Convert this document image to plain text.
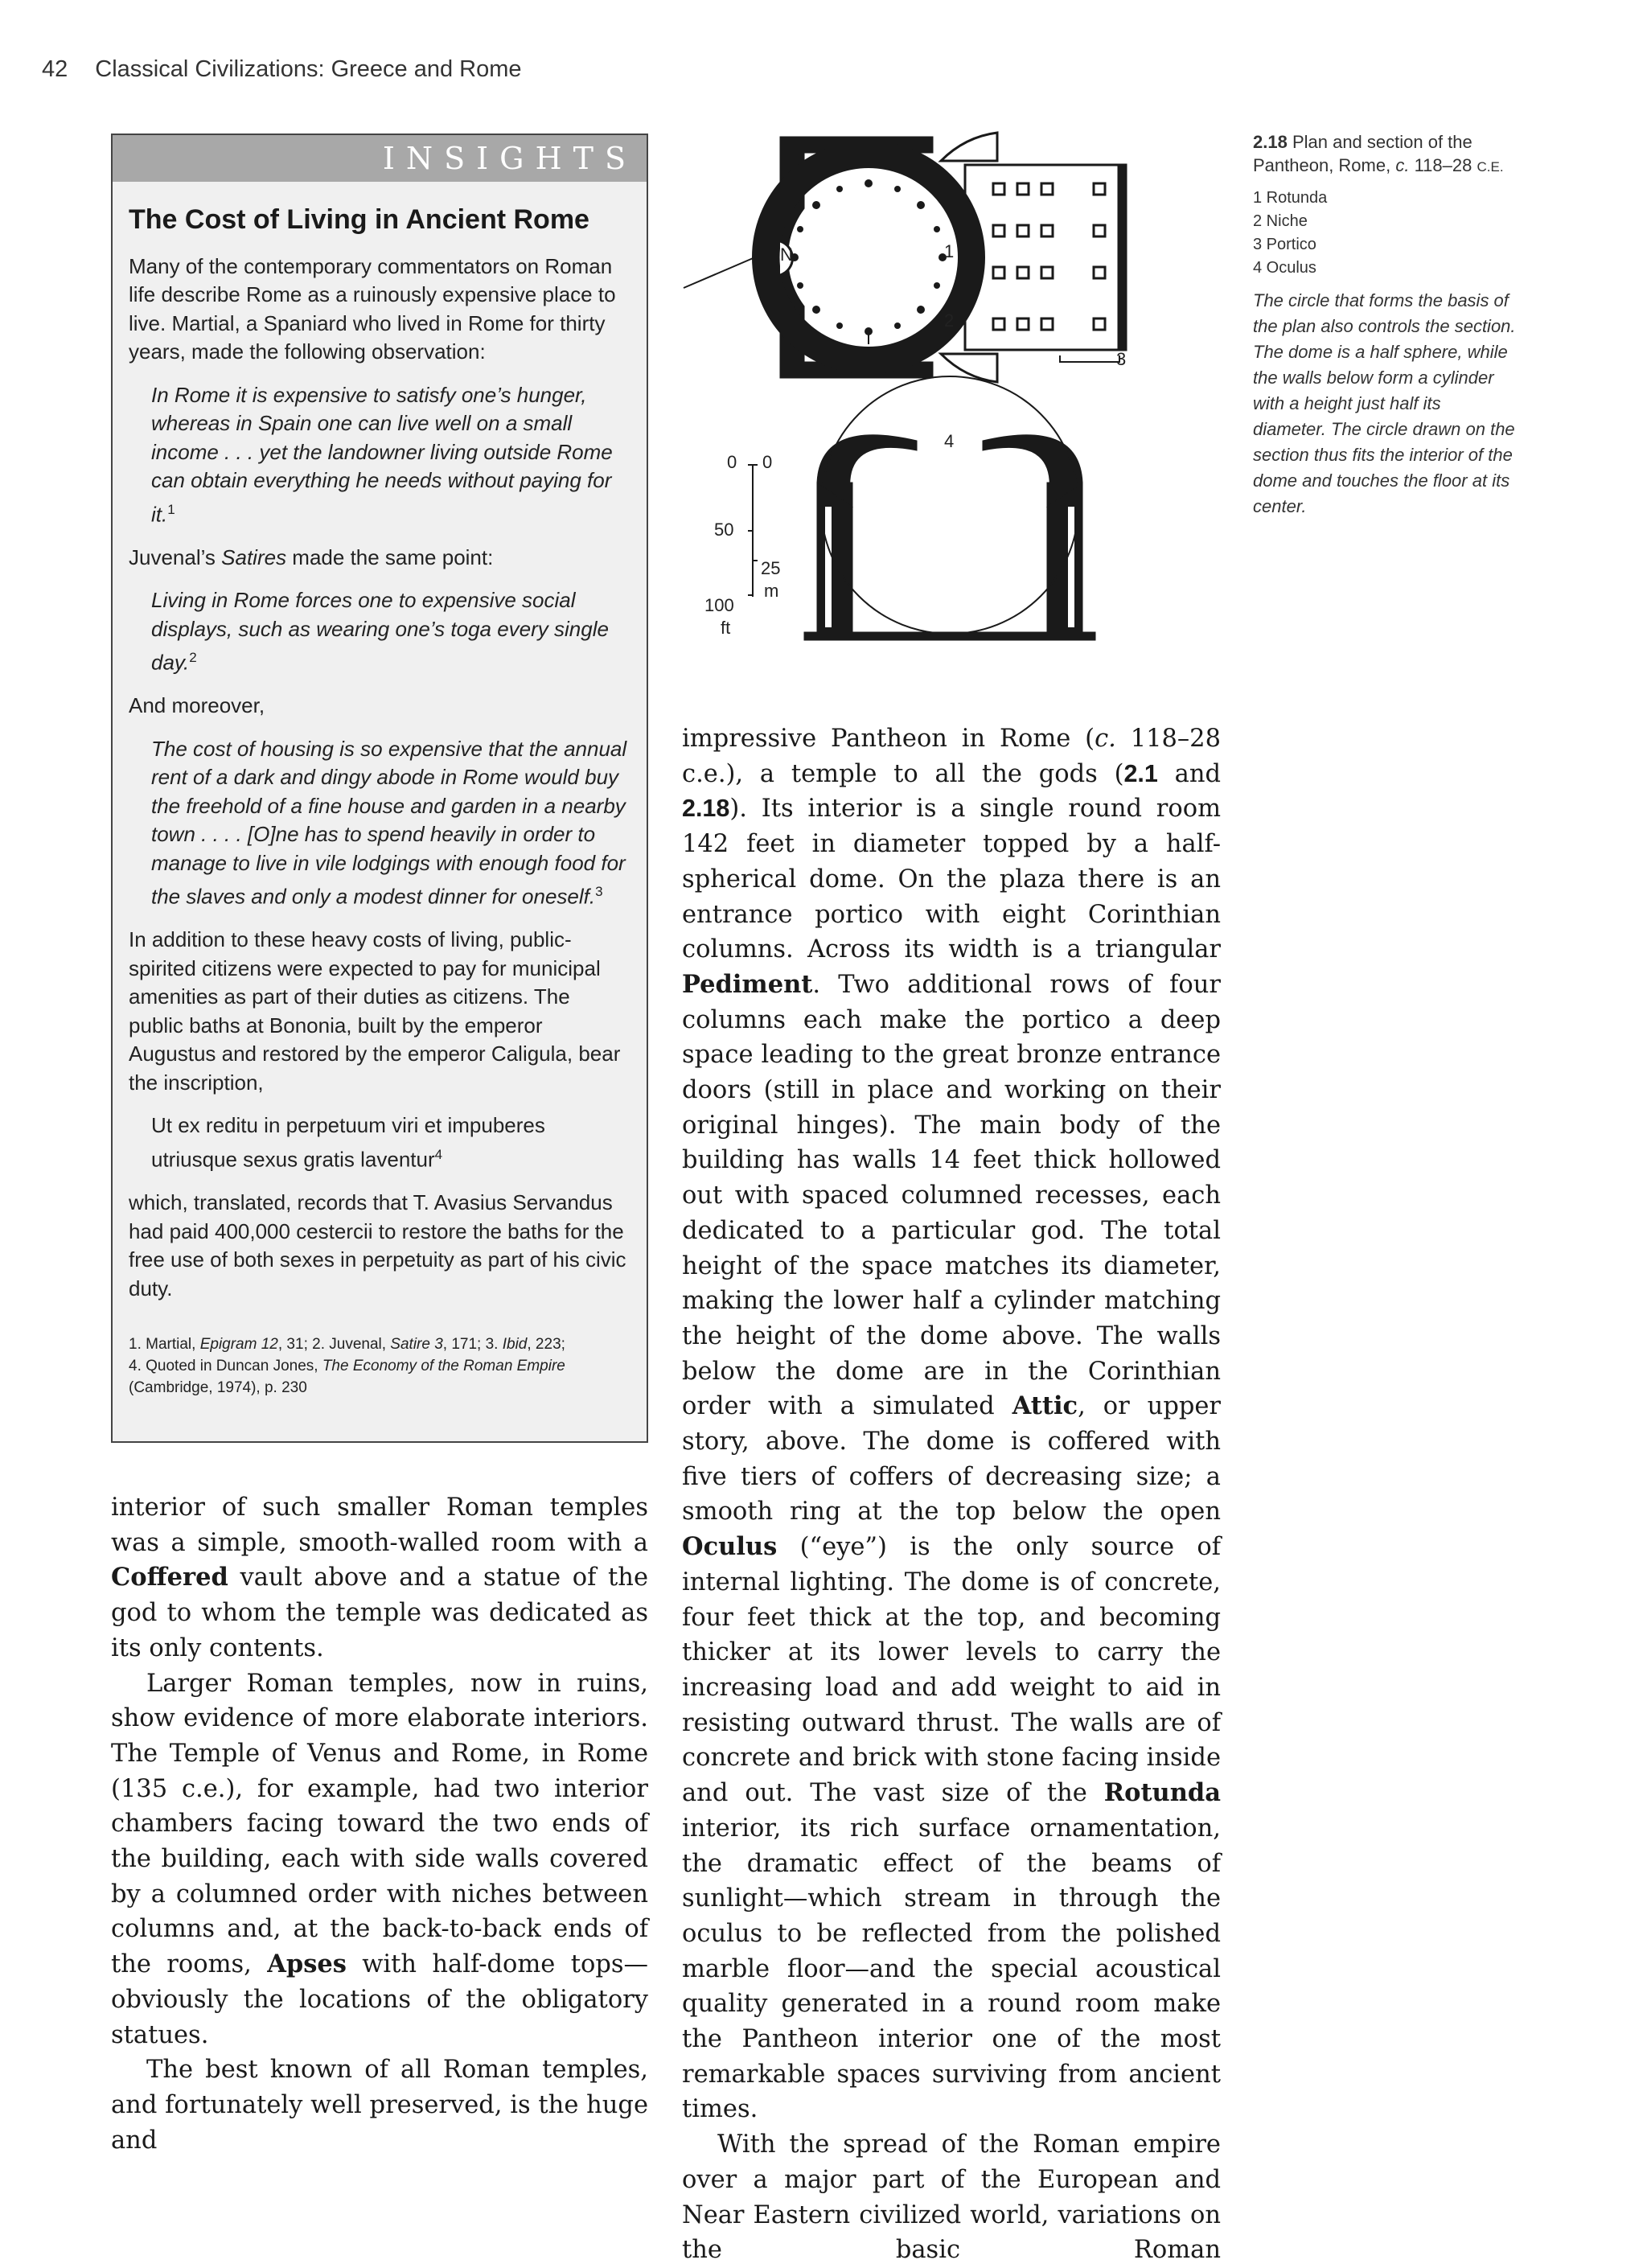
42 Classical Civilizations: Greece and Rome
INSIGHTS
The Cost of Living in Ancient Rome

Many of the contemporary commentators on Roman life describe Rome as a ruinously expensive place to live. Martial, a Spaniard who lived in Rome for thirty years, made the following observation:

In Rome it is expensive to satisfy one’s hunger, whereas in Spain one can live well on a small income . . . yet the landowner living outside Rome can obtain everything he needs without paying for it.$^1$

Juvenal’s Satires made the same point:

Living in Rome forces one to expensive social displays, such as wearing one’s toga every single day.$^2$

And moreover,

The cost of housing is so expensive that the annual rent of a dark and dingy abode in Rome would buy the freehold of a fine house and garden in a nearby town . . . . [O]ne has to spend heavily in order to manage to live in vile lodgings with enough food for the slaves and only a modest dinner for oneself.$^3$

In addition to these heavy costs of living, public-spirited citizens were expected to pay for municipal amenities as part of their duties as citizens. The public baths at Bononia, built by the emperor Augustus and restored by the emperor Caligula, bear the inscription,

Ut ex reditu in perpetuum viri et impuberes utriusque sexus gratis laventur$^4$

which, translated, records that T. Avasius Servandus had paid 400,000 cestercii to restore the baths for the free use of both sexes in perpetuity as part of his civic duty.

1. Martial, Epigram 12, 31; 2. Juvenal, Satire 3, 171; 3. Ibid, 223;
4. Quoted in Duncan Jones, The Economy of the Roman Empire
(Cambridge, 1974), p. 230
N	1
2
3
4
0 0
50
25
m
100
ft
2.18 Plan and section of the Pantheon, Rome, c. 118–28 C.E.
1 Rotunda
2 Niche
3 Portico
4 Oculus
The circle that forms the basis of the plan also controls the section. The dome is a half sphere, while the walls below form a cylinder with a height just half its diameter. The circle drawn on the section thus fits the interior of the dome and touches the floor at its center.

interior of such smaller Roman temples was a simple, smooth-walled room with a Coffered vault above and a statue of the god to whom the temple was dedicated as its only contents.

Larger Roman temples, now in ruins, show evidence of more elaborate interiors. The Temple of Venus and Rome, in Rome (135 c.e.), for example, had two interior chambers facing toward the two ends of the building, each with side walls covered by a columned order with niches between columns and, at the back-to-back ends of the rooms, Apses with half-dome tops—obviously the locations of the obligatory statues.

The best known of all Roman temples, and fortunately well preserved, is the huge and

impressive Pantheon in Rome (c. 118–28 c.e.), a temple to all the gods (2.1 and 2.18). Its interior is a single round room 142 feet in diameter topped by a half-spherical dome. On the plaza there is an entrance portico with eight Corinthian columns. Across its width is a triangular Pediment. Two additional rows of four columns each make the portico a deep space leading to the great bronze entrance doors (still in place and working on their original hinges). The main body of the building has walls 14 feet thick hollowed out with spaced columned recesses, each dedicated to a particular god. The total height of the space matches its diameter, making the lower half a cylinder matching the height of the dome above. The walls below the dome are in the Corinthian order with a simulated Attic, or upper story, above. The dome is coffered with five tiers of coffers of decreasing size; a smooth ring at the top below the open Oculus (“eye”) is the only source of internal lighting. The dome is of concrete, four feet thick at the top, and becoming thicker at its lower levels to carry the increasing load and add weight to aid in resisting outward thrust. The walls are of concrete and brick with stone facing inside and out. The vast size of the Rotunda interior, its rich surface ornamentation, the dramatic effect of the beams of sunlight—which stream in through the oculus to be reflected from the polished marble floor—and the special acoustical quality generated in a round room make the Pantheon interior one of the most remarkable spaces surviving from ancient times.

With the spread of the Roman empire over a major part of the European and Near Eastern civilized world, variations on the basic Roman
